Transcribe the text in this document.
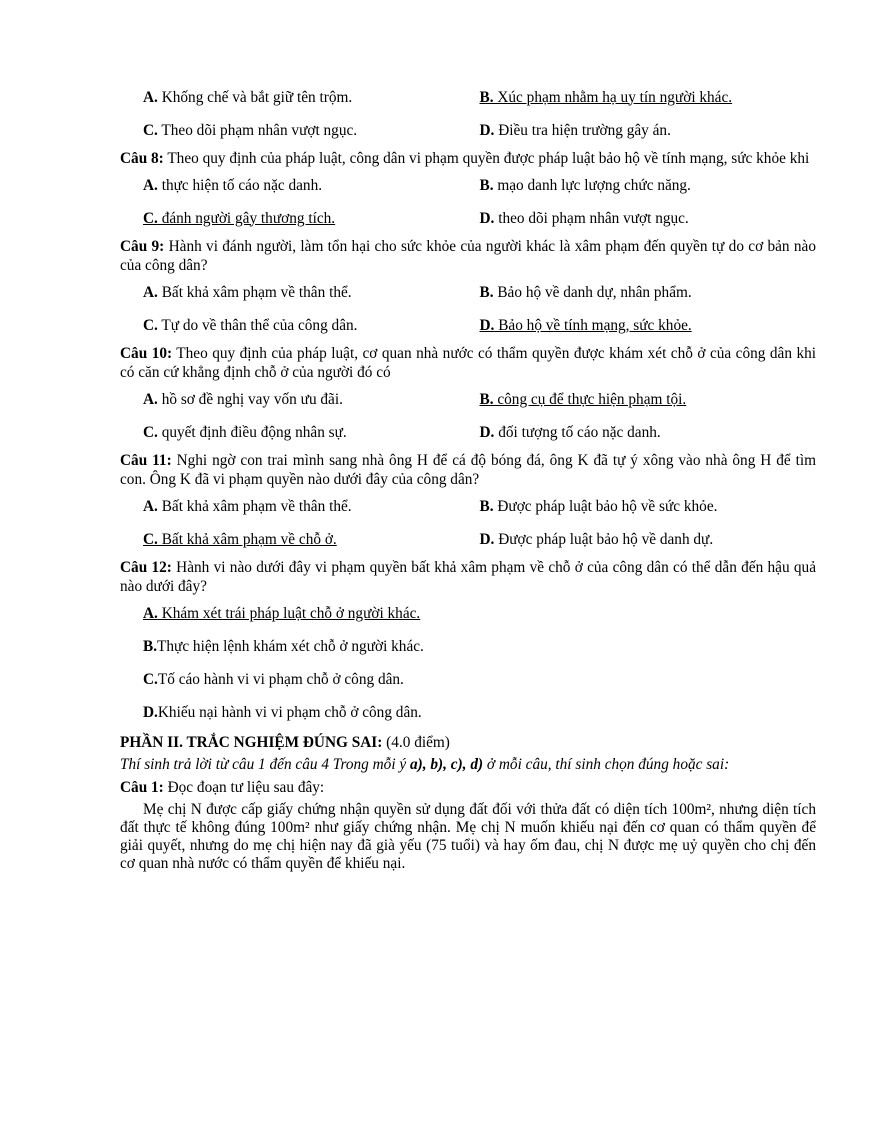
A. Khống chế và bắt giữ tên trộm.	B. Xúc phạm nhằm hạ uy tín người khác.
C. Theo dõi phạm nhân vượt ngục.	D. Điều tra hiện trường gây án.
Câu 8: Theo quy định của pháp luật, công dân vi phạm quyền được pháp luật bảo hộ về tính mạng, sức khỏe khi
A. thực hiện tố cáo nặc danh.	B. mạo danh lực lượng chức năng.
C. đánh người gây thương tích.	D. theo dõi phạm nhân vượt ngục.
Câu 9: Hành vi đánh người, làm tổn hại cho sức khỏe của người khác là xâm phạm đến quyền tự do cơ bản nào của công dân?
A. Bất khả xâm phạm về thân thể.	B. Bảo hộ về danh dự, nhân phẩm.
C. Tự do về thân thể của công dân.	D. Bảo hộ về tính mạng, sức khỏe.
Câu 10: Theo quy định của pháp luật, cơ quan nhà nước có thẩm quyền được khám xét chỗ ở của công dân khi có căn cứ khẳng định chỗ ở của người đó có
A. hồ sơ đề nghị vay vốn ưu đãi.	B. công cụ để thực hiện phạm tội.
C. quyết định điều động nhân sự.	D. đối tượng tố cáo nặc danh.
Câu 11: Nghi ngờ con trai mình sang nhà ông H để cá độ bóng đá, ông K đã tự ý xông vào nhà ông H để tìm con. Ông K đã vi phạm quyền nào dưới đây của công dân?
A. Bất khả xâm phạm về thân thể.	B. Được pháp luật bảo hộ về sức khỏe.
C. Bất khả xâm phạm về chỗ ở.	D. Được pháp luật bảo hộ về danh dự.
Câu 12: Hành vi nào dưới đây vi phạm quyền bất khả xâm phạm về chỗ ở của công dân có thể dẫn đến hậu quả nào dưới đây?
A. Khám xét trái pháp luật chỗ ở người khác.
B. Thực hiện lệnh khám xét chỗ ở người khác.
C. Tố cáo hành vi vi phạm chỗ ở công dân.
D. Khiếu nại hành vi vi phạm chỗ ở công dân.
PHẦN II. TRẮC NGHIỆM ĐÚNG SAI: (4.0 điểm)
Thí sinh trả lời từ câu 1 đến câu 4 Trong mỗi ý a), b), c), d) ở mỗi câu, thí sinh chọn đúng hoặc sai:
Câu 1: Đọc đoạn tư liệu sau đây:
Mẹ chị N được cấp giấy chứng nhận quyền sử dụng đất đối với thửa đất có diện tích 100m², nhưng diện tích đất thực tế không đúng 100m² như giấy chứng nhận. Mẹ chị N muốn khiếu nại đến cơ quan có thẩm quyền để giải quyết, nhưng do mẹ chị hiện nay đã già yếu (75 tuổi) và hay ốm đau, chị N được mẹ uỷ quyền cho chị đến cơ quan nhà nước có thẩm quyền để khiếu nại.
